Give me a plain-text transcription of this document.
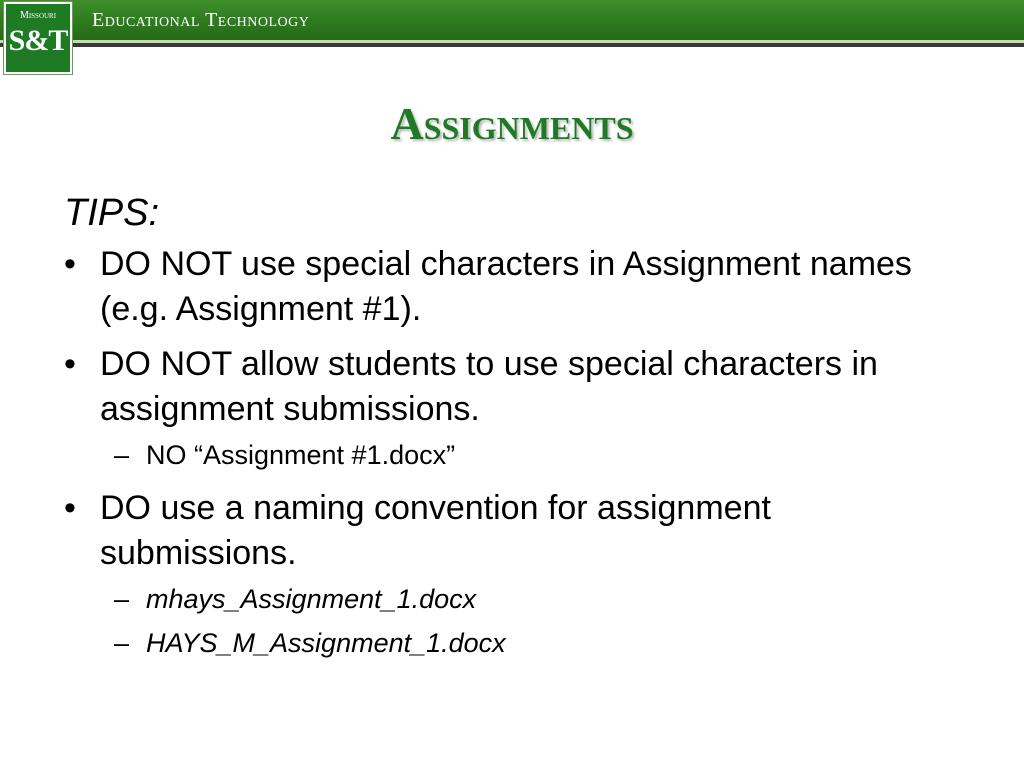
Educational Technology
Missouri
S&T
Assignments
TIPS:
• DO NOT use special characters in Assignment names (e.g. Assignment #1).
• DO NOT allow students to use special characters in assignment submissions.
– NO “Assignment #1.docx”
• DO use a naming convention for assignment submissions.
– mhays_Assignment_1.docx
– HAYS_M_Assignment_1.docx
